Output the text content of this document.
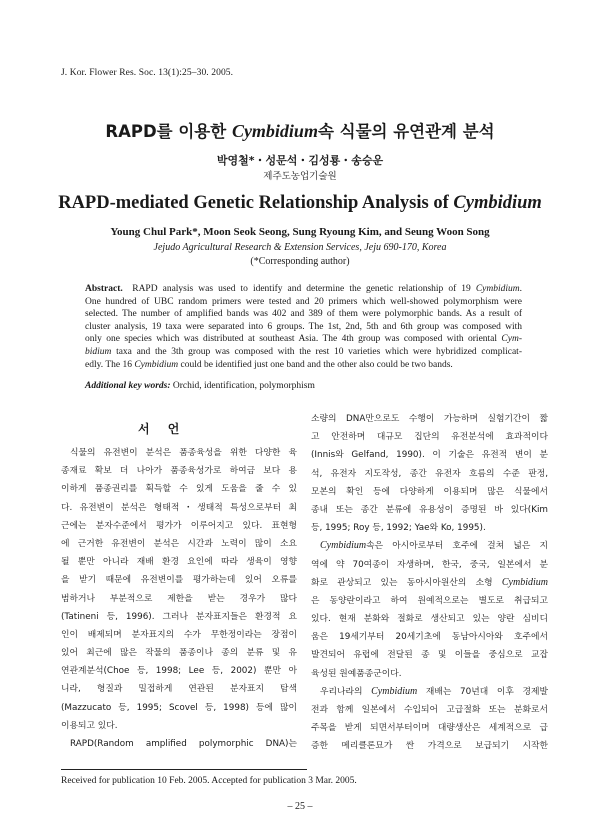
J. Kor. Flower Res. Soc. 13(1):25–30. 2005.
RAPD를 이용한 Cymbidium속 식물의 유연관계 분석
박영철*・성문석・김성룡・송승운
제주도농업기술원
RAPD-mediated Genetic Relationship Analysis of Cymbidium
Young Chul Park*, Moon Seok Seong, Sung Ryoung Kim, and Seung Woon Song
Jejudo Agricultural Research & Extension Services, Jeju 690-170, Korea
(*Corresponding author)
Abstract.  RAPD analysis was used to identify and determine the genetic relationship of 19 Cymbidium.
One hundred of UBC random primers were tested and 20 primers which well-showed polymorphism were
selected. The number of amplified bands was 402 and 389 of them were polymorphic bands. As a result of
cluster analysis, 19 taxa were separated into 6 groups. The 1st, 2nd, 5th and 6th group was composed with
only one species which was distributed at southeast Asia. The 4th group was composed with oriental Cym-
bidium taxa and the 3th group was composed with the rest 10 varieties which were hybridized complicat-
edly. The 16 Cymbidium could be identified just one band and the other also could be two bands.
Additional key words: Orchid, identification, polymorphism
서 언
식물의 유전변이 분석은 품종육성을 위한 다양한 육
종재료 확보 더 나아가 품종육성가로 하여금 보다 용
이하게 품종권리를 획득할 수 있게 도움을 줄 수 있
다. 유전변이 분석은 형태적・생태적 특성으로부터 최
근에는 분자수준에서 평가가 이루어지고 있다. 표현형
에 근거한 유전변이 분석은 시간과 노력이 많이 소요
될 뿐만 아니라 재배 환경 요인에 따라 생육이 영향
을 받기 때문에 유전변이를 평가하는데 있어 오류를
범하거나 부분적으로 제한을 받는 경우가 많다
(Tatineni 등, 1996). 그러나 분자표지들은 환경적 요
인이 배제되며 분자표지의 수가 무한정이라는 장점이
있어 최근에 많은 작물의 품종이나 종의 분류 및 유
연관계분석(Choe 등, 1998; Lee 등, 2002) 뿐만 아
니라, 형질과 밀접하게 연관된 분자표지 탐색
(Mazzucato 등, 1995; Scovel 등, 1998) 등에 많이
이용되고 있다.
RAPD(Random amplified polymorphic DNA)는
소량의 DNA만으로도 수행이 가능하며 실험기간이 짧
고 안전하며 대규모 집단의 유전분석에 효과적이다
(Innis와 Gelfand, 1990). 이 기술은 유전적 변이 분
석, 유전자 지도작성, 종간 유전자 흐름의 수준 판정,
모본의 확인 등에 다양하게 이용되며 많은 식물에서
종내 또는 종간 분류에 유용성이 증명된 바 있다(Kim
등, 1995; Roy 등, 1992; Yae와 Ko, 1995).
Cymbidium속은 아시아로부터 호주에 걸쳐 넓은 지
역에 약 70여종이 자생하며, 한국, 중국, 일본에서 분
화로 관상되고 있는 동아시아원산의 소형 Cymbidium
은 동양란이라고 하여 원예적으로는 별도로 취급되고
있다. 현재 분화와 절화로 생산되고 있는 양란 심비디
움은 19세기부터 20세기초에 동남아시아와 호주에서
발견되어 유럽에 전달된 종 및 이들을 중심으로 교잡
육성된 원예품종군이다.
우리나라의 Cymbidium 재배는 70년대 이후 경제발
전과 함께 일본에서 수입되어 고급절화 또는 분화로서
주목을 받게 되면서부터이며 대량생산은 세계적으로 급
증한 메리클론묘가 싼 가격으로 보급되기 시작한
Received for publication 10 Feb. 2005. Accepted for publication 3 Mar. 2005.
– 25 –
